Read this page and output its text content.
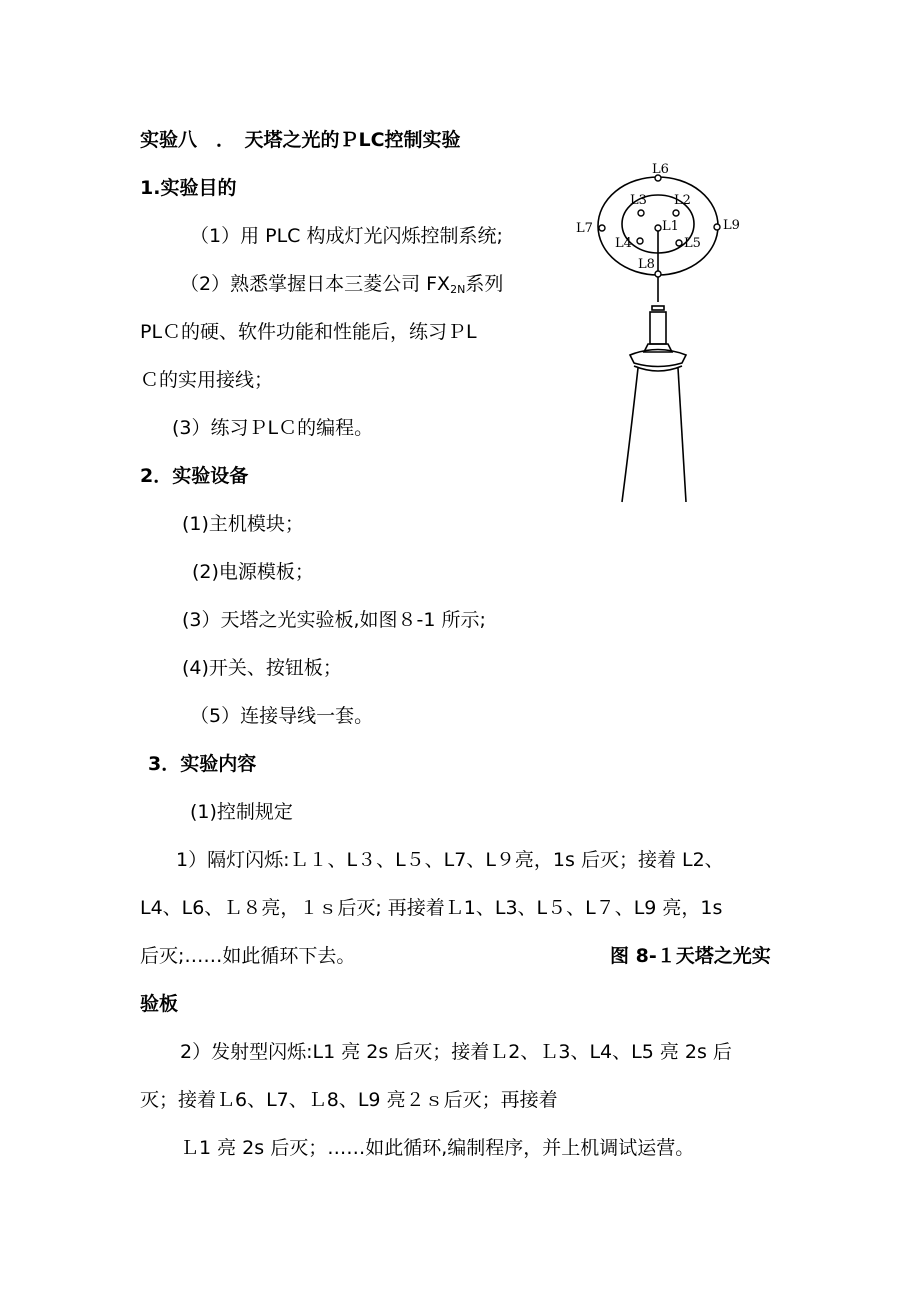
实验八　．　天塔之光的ＰLC控制实验
1.实验目的
（1）用 PLC 构成灯光闪烁控制系统;
（2）熟悉掌握日本三菱公司 $FX_{2N}$系列
PLＣ的硬、软件功能和性能后，练习ＰL
Ｃ的实用接线；
(3）练习ＰLＣ的编程。
2．实验设备
(1)主机模块；
(2)电源模板；
(3）天塔之光实验板,如图８-1 所示;
(4)开关、按钮板；
（5）连接导线一套。
3．实验内容
(1)控制规定
1）隔灯闪烁:Ｌ１、L３、L５、L7、L９亮，1s 后灭；接着 L2、
L4、L6、Ｌ８亮，１ｓ后灭; 再接着Ｌ1、L3、L５、L７、L9 亮，1s
后灭;……如此循环下去。	图 8-１天塔之光实
验板
2）发射型闪烁:L1 亮 2s 后灭；接着Ｌ2、Ｌ3、L4、L5 亮 2s 后
灭；接着Ｌ6、L7、Ｌ8、L9 亮２ｓ后灭；再接着
Ｌ1 亮 2s 后灭；……如此循环,编制程序，并上机调试运营。
L6
L3 L2
L7	L9
L1
L4	L5
L8
